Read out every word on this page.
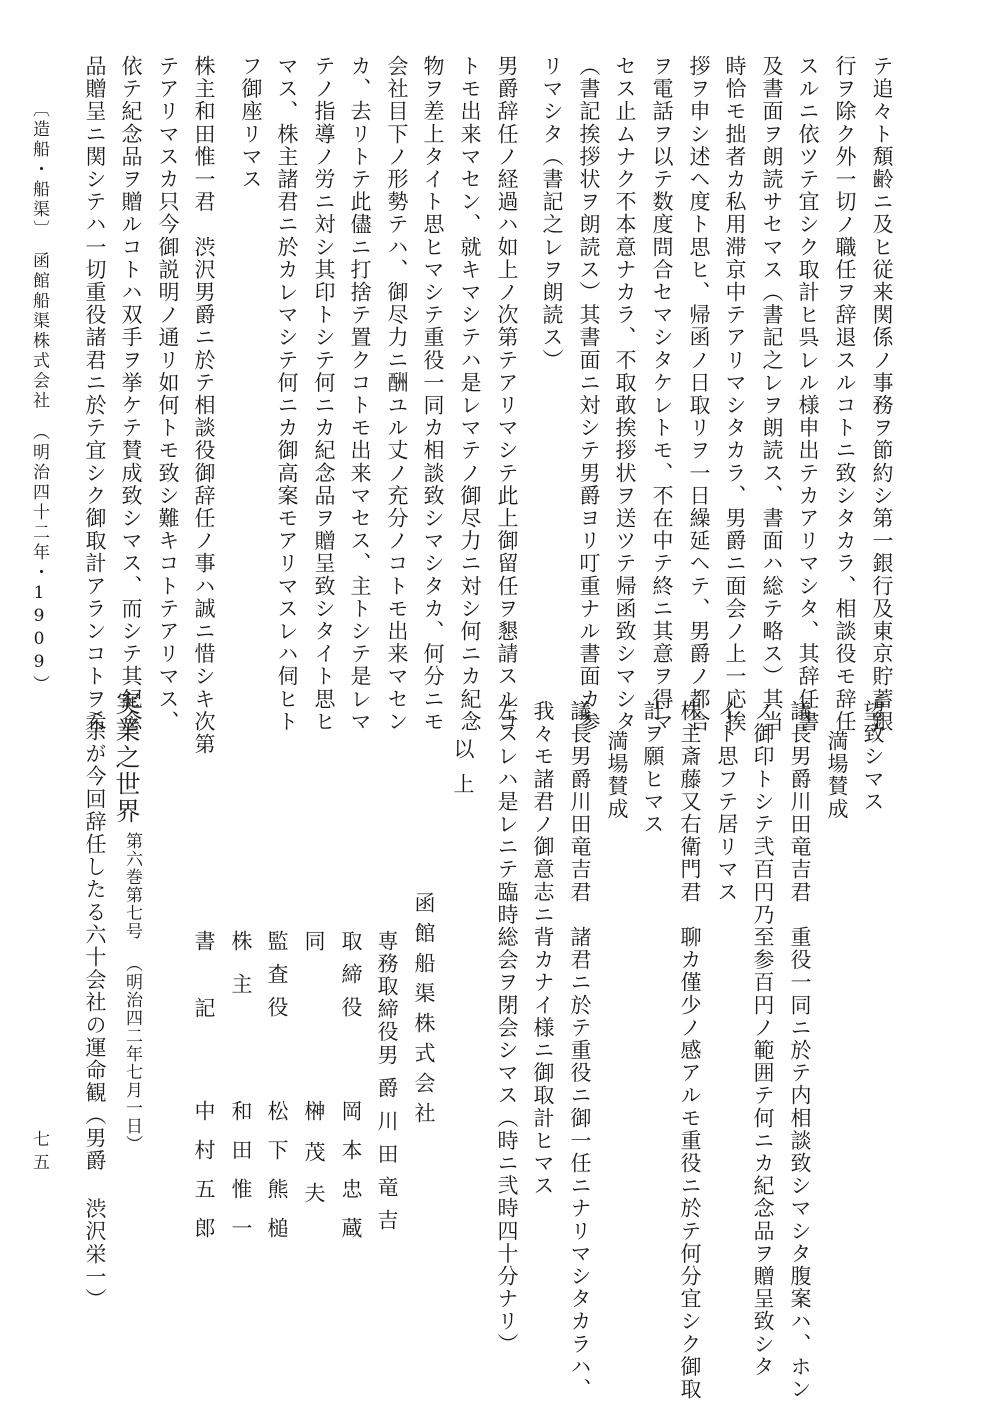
テ追々ト頽齢ニ及ヒ従来関係ノ事務ヲ節約シ第一銀行及東京貯蓄銀
行ヲ除ク外一切ノ職任ヲ辞退スルコトニ致シタカラ、相談役モ辞任
スルニ依ツテ宜シク取計ヒ呉レル様申出テカアリマシタ、其辞任書
及書面ヲ朗読サセマス（書記之レヲ朗読ス、書面ハ総テ略ス）其当
時恰モ拙者カ私用滞京中テアリマシタカラ、男爵ニ面会ノ上一応挨
拶ヲ申シ述ヘ度ト思ヒ、帰函ノ日取リヲ一日繰延ヘテ、男爵ノ都合
ヲ電話ヲ以テ数度問合セマシタケレトモ、不在中テ終ニ其意ヲ得マ
セス止ムナク不本意ナカラ、不取敢挨拶状ヲ送ツテ帰函致シマシタ
（書記挨拶状ヲ朗読ス）其書面ニ対シテ男爵ヨリ叮重ナル書面カ参
リマシタ（書記之レヲ朗読ス）
男爵辞任ノ経過ハ如上ノ次第テアリマシテ此上御留任ヲ懇請スルコ
トモ出来マセン、就キマシテハ是レマテノ御尽力ニ対シ何ニカ紀念
物ヲ差上タイト思ヒマシテ重役一同カ相談致シマシタカ、何分ニモ
会社目下ノ形勢テハ、御尽力ニ酬ユル丈ノ充分ノコトモ出来マセン
カ、去リトテ此儘ニ打捨テ置クコトモ出来マセス、主トシテ是レマ
テノ指導ノ労ニ対シ其印トシテ何ニカ紀念品ヲ贈呈致シタイト思ヒ
マス、株主諸君ニ於カレマシテ何ニカ御高案モアリマスレハ伺ヒト
フ御座リマス
株主和田惟一君　渋沢男爵ニ於テ相談役御辞任ノ事ハ誠ニ惜シキ次第
テアリマスカ只今御説明ノ通リ如何トモ致シ難キコトテアリマス、
依テ紀念品ヲ贈ルコトハ双手ヲ挙ケテ賛成致シマス、而シテ其紀念
品贈呈ニ関シテハ一切重役諸君ニ於テ宜シク御取計アランコトヲ希
〔造船・船渠〕　函館船渠株式会社　（明治四十二年・1909）
望致シマス
満場賛成
議長男爵川田竜吉君　重役一同ニ於テ内相談致シマシタ腹案ハ、ホン
ノ御印トシテ弐百円乃至参百円ノ範囲テ何ニカ紀念品ヲ贈呈致シタ
イト思フテ居リマス
株主斎藤又右衛門君　聊カ僅少ノ感アルモ重役ニ於テ何分宜シク御取
計ヲ願ヒマス
満場賛成
議長男爵川田竜吉君　諸君ニ於テ重役ニ御一任ニナリマシタカラハ、
我々モ諸君ノ御意志ニ背カナイ様ニ御取計ヒマス
左スレハ是レニテ臨時総会ヲ閉会シマス（時ニ弐時四十分ナリ）
以上
函館船渠株式会社
専務取締役
男爵川田竜吉
取締役
岡本忠蔵
同
榊茂夫
監査役
松下熊槌
株主
和田惟一
書記
中村五郎
実業之世界
第六巻第七号
（明治四二年七月一日）
余が今回辞任したる六十会社の運命観（男爵 渋沢栄一）
七五
